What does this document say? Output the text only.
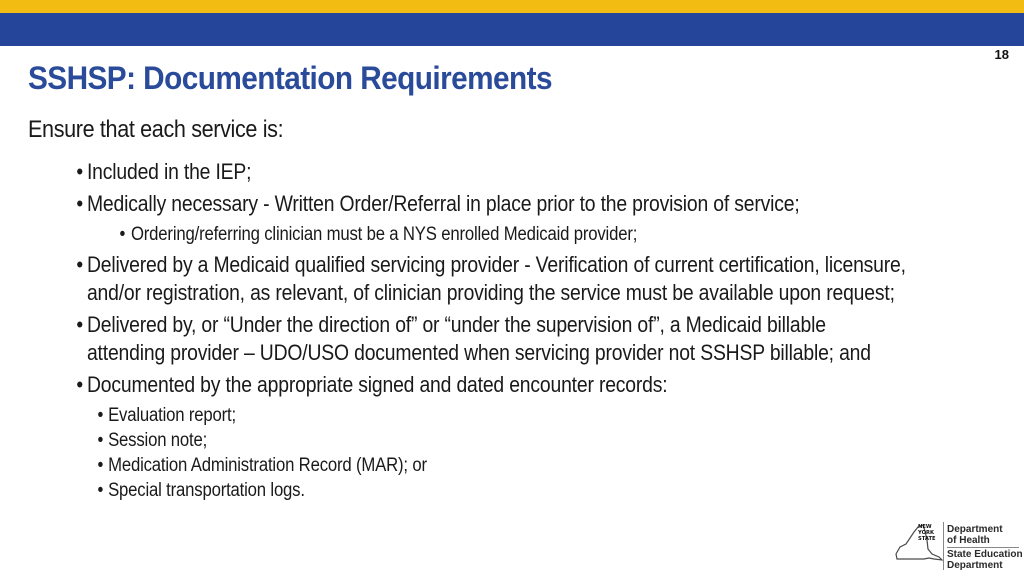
18
SSHSP: Documentation Requirements

Ensure that each service is:

• Included in the IEP;

• Medically necessary - Written Order/Referral in place prior to the provision of service;

• Ordering/referring clinician must be a NYS enrolled Medicaid provider;

• Delivered by a Medicaid qualified servicing provider - Verification of current certification, licensure, and/or registration, as relevant, of clinician providing the service must be available upon request;

• Delivered by, or “Under the direction of” or “under the supervision of”, a Medicaid billable attending provider – UDO/USO documented when servicing provider not SSHSP billable; and

• Documented by the appropriate signed and dated encounter records:

• Evaluation report;

• Session note;

• Medication Administration Record (MAR); or

• Special transportation logs.

NEW
YORK
STATE
Department
of Health
State Education
Department
